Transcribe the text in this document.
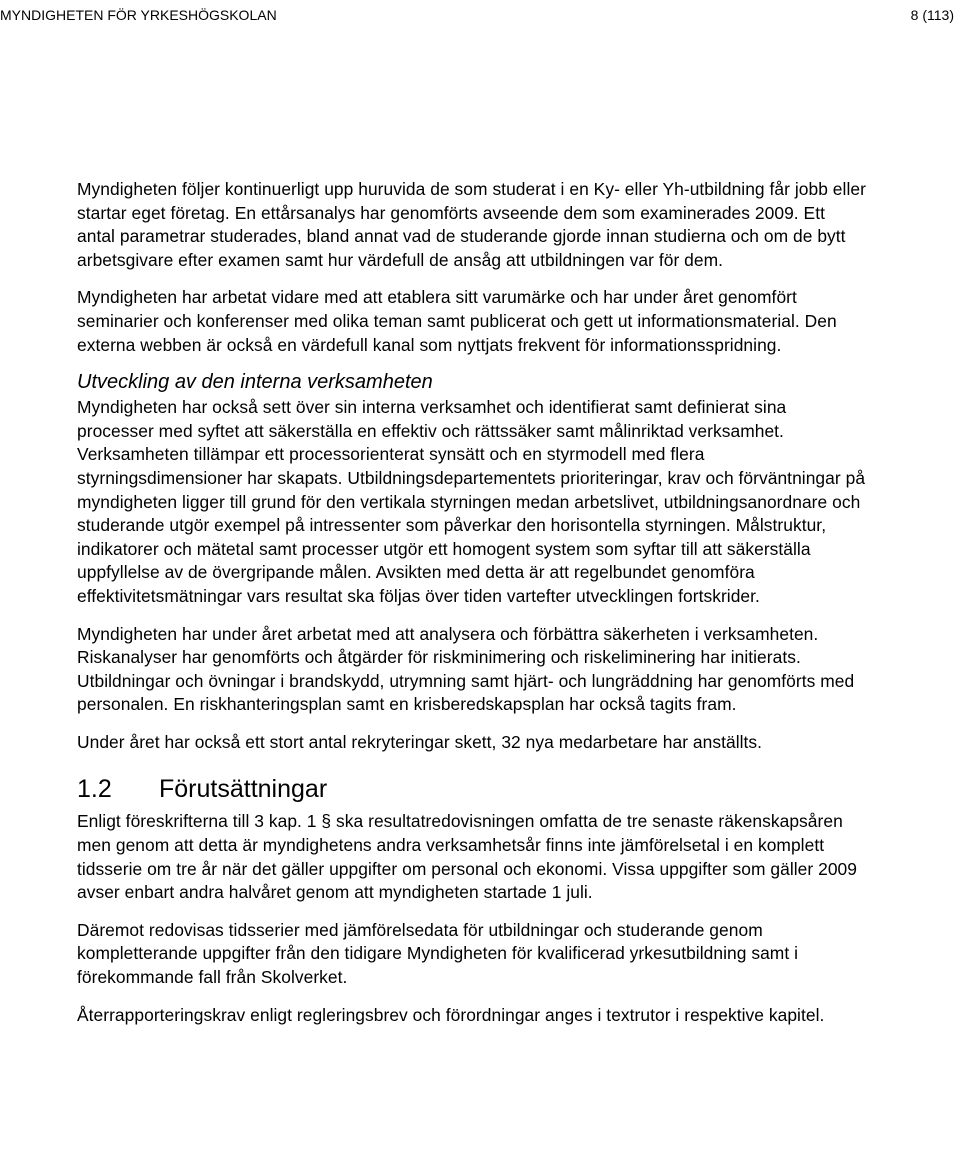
MYNDIGHETEN FÖR YRKESHÖGSKOLAN	8 (113)

Myndigheten följer kontinuerligt upp huruvida de som studerat i en Ky- eller Yh-utbildning får jobb eller startar eget företag. En ettårsanalys har genomförts avseende dem som examinerades 2009. Ett antal parametrar studerades, bland annat vad de studerande gjorde innan studierna och om de bytt arbetsgivare efter examen samt hur värdefull de ansåg att utbildningen var för dem.

Myndigheten har arbetat vidare med att etablera sitt varumärke och har under året genomfört seminarier och konferenser med olika teman samt publicerat och gett ut informationsmaterial. Den externa webben är också en värdefull kanal som nyttjats frekvent för informationsspridning.

Utveckling av den interna verksamheten

Myndigheten har också sett över sin interna verksamhet och identifierat samt definierat sina processer med syftet att säkerställa en effektiv och rättssäker samt målinriktad verksamhet. Verksamheten tillämpar ett processorienterat synsätt och en styrmodell med flera styrningsdimensioner har skapats. Utbildningsdepartementets prioriteringar, krav och förväntningar på myndigheten ligger till grund för den vertikala styrningen medan arbetslivet, utbildningsanordnare och studerande utgör exempel på intressenter som påverkar den horisontella styrningen. Målstruktur, indikatorer och mätetal samt processer utgör ett homogent system som syftar till att säkerställa uppfyllelse av de övergripande målen. Avsikten med detta är att regelbundet genomföra effektivitetsmätningar vars resultat ska följas över tiden vartefter utvecklingen fortskrider.

Myndigheten har under året arbetat med att analysera och förbättra säkerheten i verksamheten. Riskanalyser har genomförts och åtgärder för riskminimering och riskeliminering har initierats. Utbildningar och övningar i brandskydd, utrymning samt hjärt- och lungräddning har genomförts med personalen. En riskhanteringsplan samt en krisberedskapsplan har också tagits fram.

Under året har också ett stort antal rekryteringar skett, 32 nya medarbetare har anställts.

1.2	Förutsättningar

Enligt föreskrifterna till 3 kap. 1 § ska resultatredovisningen omfatta de tre senaste räkenskapsåren men genom att detta är myndighetens andra verksamhetsår finns inte jämförelsetal i en komplett tidsserie om tre år när det gäller uppgifter om personal och ekonomi. Vissa uppgifter som gäller 2009 avser enbart andra halvåret genom att myndigheten startade 1 juli.

Däremot redovisas tidsserier med jämförelsedata för utbildningar och studerande genom kompletterande uppgifter från den tidigare Myndigheten för kvalificerad yrkesutbildning samt i förekommande fall från Skolverket.

Återrapporteringskrav enligt regleringsbrev och förordningar anges i textrutor i respektive kapitel.
